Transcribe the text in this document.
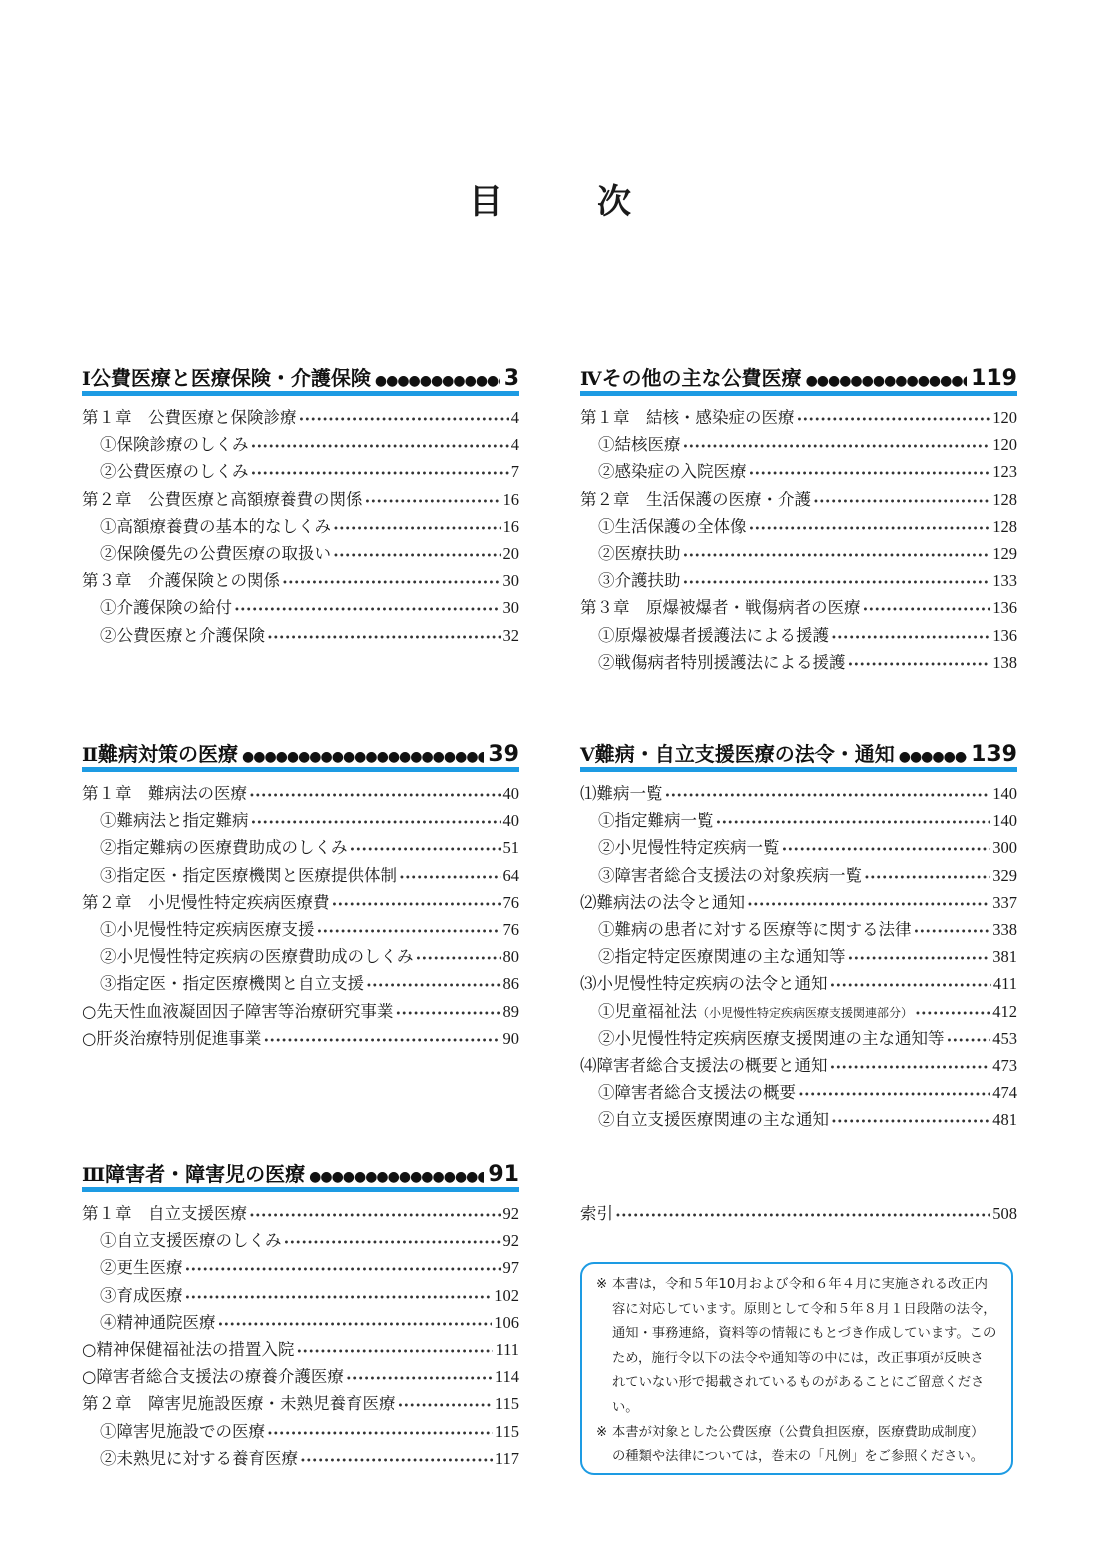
目　次
Ⅰ 公費医療と医療保険・介護保険 ●●●●●●●●●●●●●●●●●●●●●●●●●●●●●●●●●●●●●●●●●●●●●●●●●●●●●●●●●	3
第１章　公費医療と保険診療 •••••	4
①保険診療のしくみ •••••	4
②公費医療のしくみ •••••	7
第２章　公費医療と高額療養費の関係 •••••	16
①高額療養費の基本的なしくみ •••••	16
②保険優先の公費医療の取扱い •••••	20
第３章　介護保険との関係 •••••	30
①介護保険の給付 •••••	30
②公費医療と介護保険 •••••	32
Ⅱ 難病対策の医療 ●●●●●●●●●●●●●●●●●●●●●●●●●●●●●●●●●●●●●●●●●●●●●●●●●●●●●●●●●	39
第１章　難病法の医療 •••••	40
①難病法と指定難病 •••••	40
②指定難病の医療費助成のしくみ •••••	51
③指定医・指定医療機関と医療提供体制 •••••	64
第２章　小児慢性特定疾病医療費 •••••	76
①小児慢性特定疾病医療支援 •••••	76
②小児慢性特定疾病の医療費助成のしくみ •••••	80
③指定医・指定医療機関と自立支援 •••••	86
○先天性血液凝固因子障害等治療研究事業 •••••	89
○肝炎治療特別促進事業 •••••	90
Ⅲ 障害者・障害児の医療 ●●●●●●●●●●●●●●●●●●●●●●●●●●●●●●●●●●●●●●●●●●●●●●●●●●●●●●●●●	91
第１章　自立支援医療 •••••	92
①自立支援医療のしくみ •••••	92
②更生医療 •••••	97
③育成医療 •••••	102
④精神通院医療 •••••	106
○精神保健福祉法の措置入院 •••••	111
○障害者総合支援法の療養介護医療 •••••	114
第２章　障害児施設医療・未熟児養育医療 •••••	115
①障害児施設での医療 •••••	115
②未熟児に対する養育医療 •••••	117
Ⅳ その他の主な公費医療 ●●●●●●●●●●●●●●●●●●●●●●●●●●●●●●●●●●●●●●●●●●●●●●●●●●●●●●●●●	119
第１章　結核・感染症の医療 •••••	120
①結核医療 •••••	120
②感染症の入院医療 •••••	123
第２章　生活保護の医療・介護 •••••	128
①生活保護の全体像 •••••	128
②医療扶助 •••••	129
③介護扶助 •••••	133
第３章　原爆被爆者・戦傷病者の医療 •••••	136
①原爆被爆者援護法による援護 •••••	136
②戦傷病者特別援護法による援護 •••••	138
Ⅴ 難病・自立支援医療の法令・通知 ●●●●●●●●●●●●●●●●●●●●●●●●●●●●●●●●●●●●●●●●●●●●●●●●●●●●●●●●●	139
⑴難病一覧 •••••	140
①指定難病一覧 •••••	140
②小児慢性特定疾病一覧 •••••	300
③障害者総合支援法の対象疾病一覧 •••••	329
⑵難病法の法令と通知 •••••	337
①難病の患者に対する医療等に関する法律 •••••	338
②指定特定医療関連の主な通知等 •••••	381
⑶小児慢性特定疾病の法令と通知 •••••	411
①児童福祉法 （小児慢性特定疾病医療支援関連部分） •••••	412
②小児慢性特定疾病医療支援関連の主な通知等 •••••	453
⑷障害者総合支援法の概要と通知 •••••	473
①障害者総合支援法の概要 •••••	474
②自立支援医療関連の主な通知 •••••	481
索引 •••••	508
※ 本書は，令和５年10月および令和６年４月に実施される改正内容に対応しています。原則として令和５年８月１日段階の法令，通知・事務連絡，資料等の情報にもとづき作成しています。このため，施行令以下の法令や通知等の中には，改正事項が反映されていない形で掲載されているものがあることにご留意ください。
※ 本書が対象とした公費医療（公費負担医療，医療費助成制度）の種類や法律については，巻末の「凡例」をご参照ください。
